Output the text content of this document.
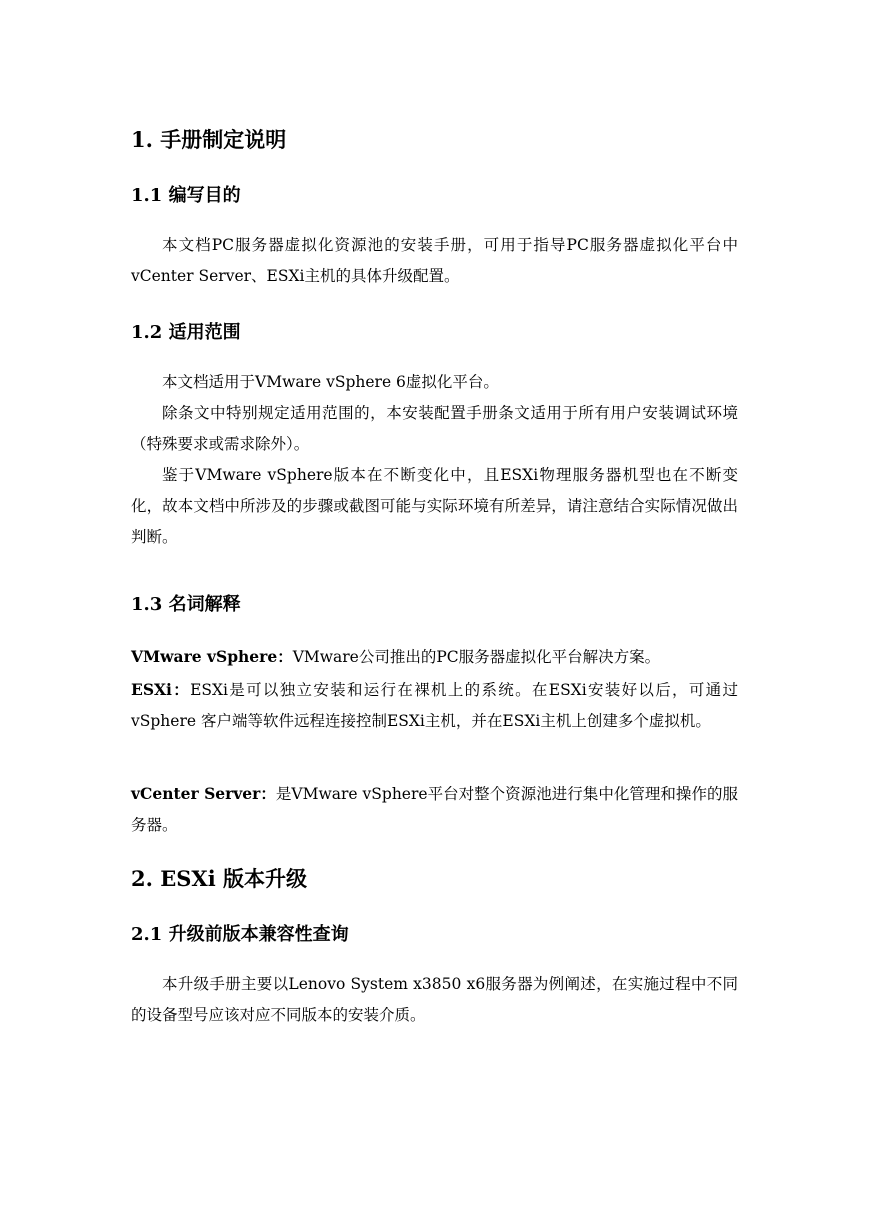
1. 手册制定说明
1.1 编写目的
本文档PC服务器虚拟化资源池的安装手册，可用于指导PC服务器虚拟化平台中vCenter Server、ESXi主机的具体升级配置。
1.2 适用范围
本文档适用于VMware vSphere 6虚拟化平台。
除条文中特别规定适用范围的，本安装配置手册条文适用于所有用户安装调试环境（特殊要求或需求除外）。
鉴于VMware vSphere版本在不断变化中，且ESXi物理服务器机型也在不断变化，故本文档中所涉及的步骤或截图可能与实际环境有所差异，请注意结合实际情况做出判断。
1.3 名词解释
VMware vSphere：VMware公司推出的PC服务器虚拟化平台解决方案。
ESXi：ESXi是可以独立安装和运行在裸机上的系统。在ESXi安装好以后，可通过vSphere 客户端等软件远程连接控制ESXi主机，并在ESXi主机上创建多个虚拟机。
vCenter Server：是VMware vSphere平台对整个资源池进行集中化管理和操作的服务器。
2. ESXi 版本升级
2.1 升级前版本兼容性查询
本升级手册主要以Lenovo System x3850 x6服务器为例阐述，在实施过程中不同的设备型号应该对应不同版本的安装介质。
